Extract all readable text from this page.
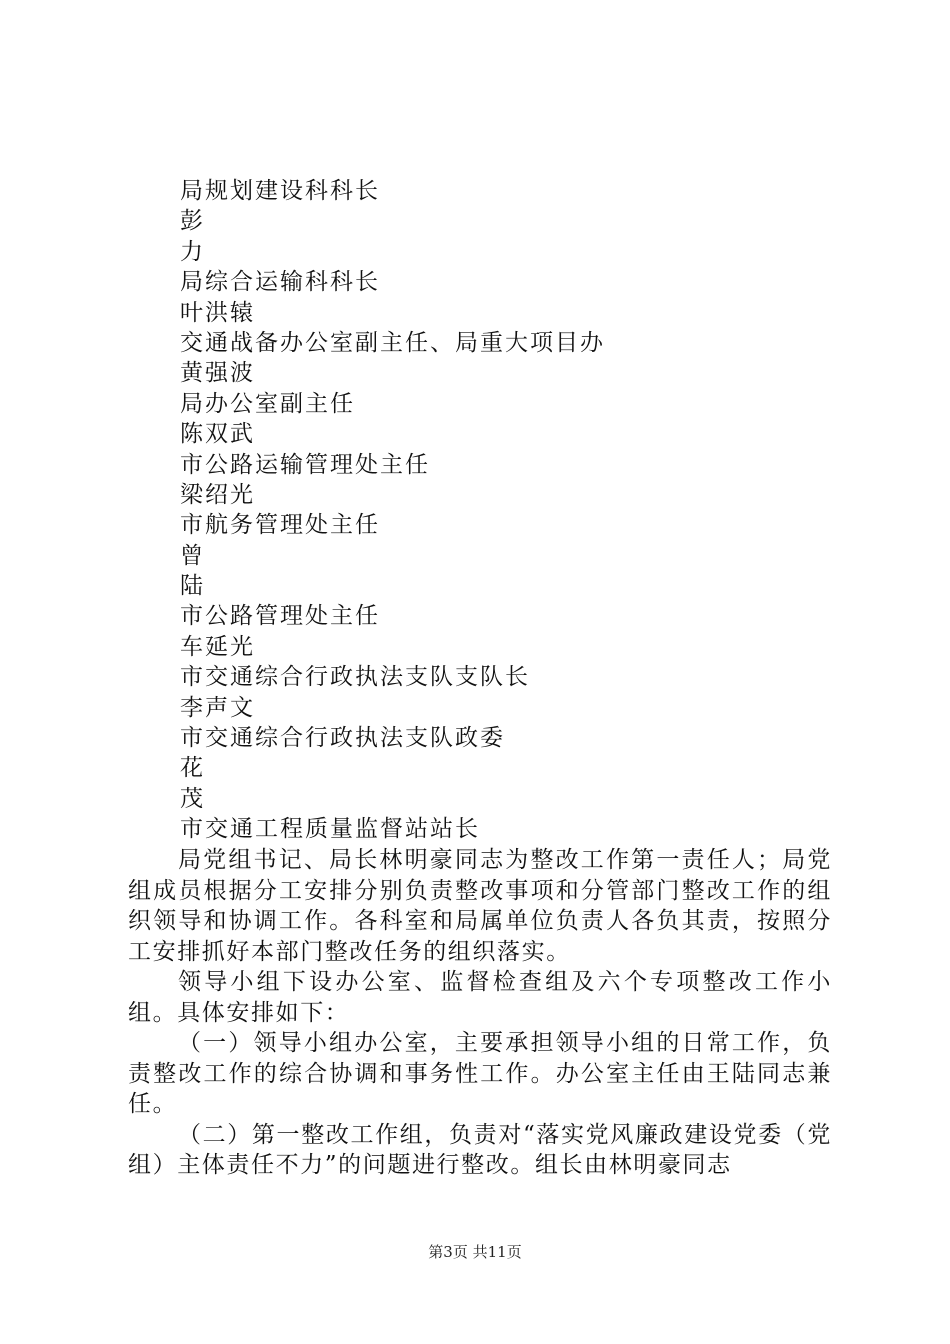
局规划建设科科长
彭
力
局综合运输科科长
叶洪辕
交通战备办公室副主任、局重大项目办
黄强波
局办公室副主任
陈双武
市公路运输管理处主任
梁绍光
市航务管理处主任
曾
陆
市公路管理处主任
车延光
市交通综合行政执法支队支队长
李声文
市交通综合行政执法支队政委
花
茂
市交通工程质量监督站站长

局党组书记、局长林明豪同志为整改工作第一责任人；局党组成员根据分工安排分别负责整改事项和分管部门整改工作的组织领导和协调工作。各科室和局属单位负责人各负其责，按照分工安排抓好本部门整改任务的组织落实。

领导小组下设办公室、监督检查组及六个专项整改工作小组。具体安排如下：

（一）领导小组办公室，主要承担领导小组的日常工作，负责整改工作的综合协调和事务性工作。办公室主任由王陆同志兼任。

（二）第一整改工作组，负责对“落实党风廉政建设党委（党组）主体责任不力”的问题进行整改。组长由林明豪同志

第3页 共11页
